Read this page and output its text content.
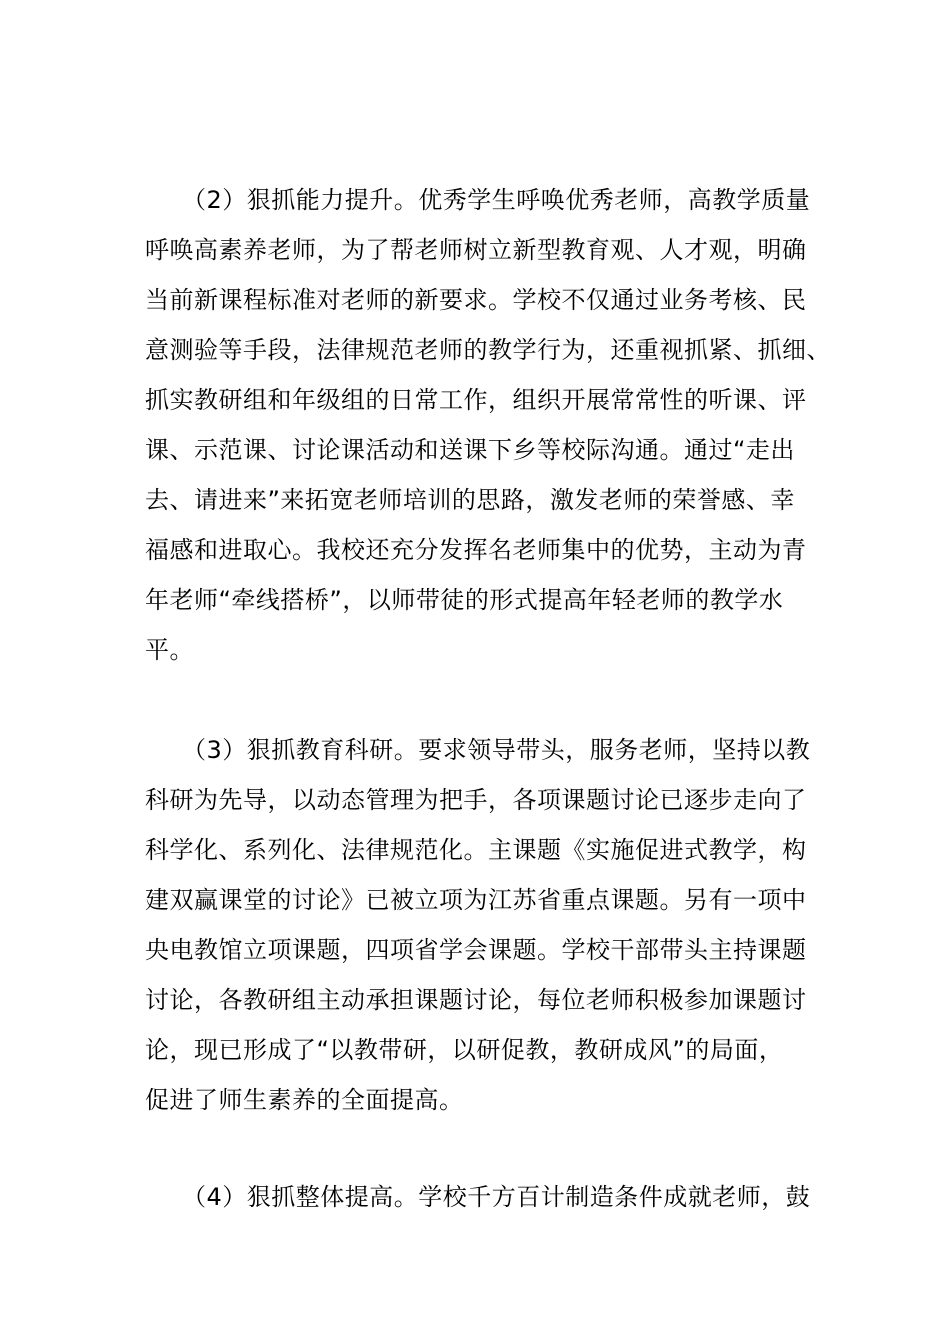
（2）狠抓能力提升。优秀学生呼唤优秀老师，高教学质量
呼唤高素养老师，为了帮老师树立新型教育观、人才观，明确
当前新课程标准对老师的新要求。学校不仅通过业务考核、民
意测验等手段，法律规范老师的教学行为，还重视抓紧、抓细、
抓实教研组和年级组的日常工作，组织开展常常性的听课、评
课、示范课、讨论课活动和送课下乡等校际沟通。通过“走出
去、请进来”来拓宽老师培训的思路，激发老师的荣誉感、幸
福感和进取心。我校还充分发挥名老师集中的优势，主动为青
年老师“牵线搭桥”，以师带徒的形式提高年轻老师的教学水
平。
（3）狠抓教育科研。要求领导带头，服务老师，坚持以教
科研为先导，以动态管理为把手，各项课题讨论已逐步走向了
科学化、系列化、法律规范化。主课题《实施促进式教学，构
建双赢课堂的讨论》已被立项为江苏省重点课题。另有一项中
央电教馆立项课题，四项省学会课题。学校干部带头主持课题
讨论，各教研组主动承担课题讨论，每位老师积极参加课题讨
论，现已形成了“以教带研，以研促教，教研成风”的局面，
促进了师生素养的全面提高。
（4）狠抓整体提高。学校千方百计制造条件成就老师，鼓
